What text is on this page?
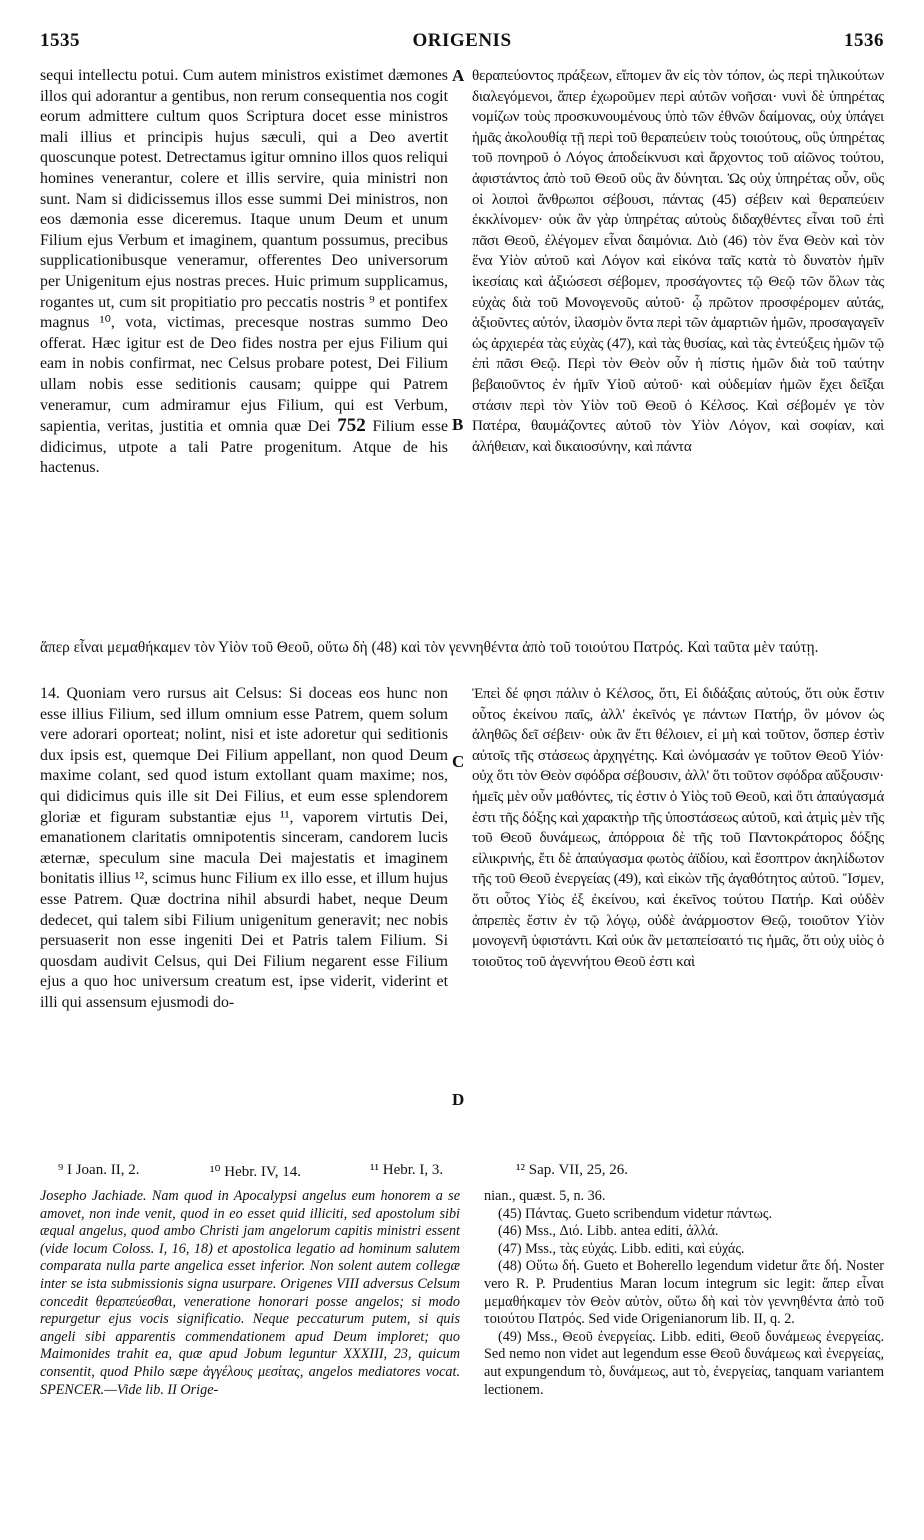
1535	ORIGENIS	1536

sequi intellectu potui. Cum autem ministros existimet dæmones illos qui adorantur a gentibus, non rerum consequentia nos cogit eorum admittere cultum quos Scriptura docet esse ministros mali illius et principis hujus sæculi, qui a Deo avertit quoscunque potest. Detrectamus igitur omnino illos quos reliqui homines venerantur, colere et illis servire, quia ministri non sunt. Nam si didicissemus illos esse summi Dei ministros, non eos dæmonia esse diceremus. Itaque unum Deum et unum Filium ejus Verbum et imaginem, quantum possumus, precibus supplicationibusque veneramur, offerentes Deo universorum per Unigenitum ejus nostras preces. Huic primum supplicamus, rogantes ut, cum sit propitiatio pro peccatis nostris ⁹ et pontifex magnus ¹⁰, vota, victimas, precesque nostras summo Deo offerat. Hæc igitur est de Deo fides nostra per ejus Filium qui eam in nobis confirmat, nec Celsus probare potest, Dei Filium ullam nobis esse seditionis causam; quippe qui Patrem veneramur, cum admiramur ejus Filium, qui est Verbum, sapientia, veritas, justitia et omnia quæ Dei 752 Filium esse didicimus, utpote a tali Patre progenitum. Atque de his hactenus.

θεραπεύοντος πράξεων, εἴπομεν ἂν εἰς τὸν τόπον, ὡς περὶ τηλικούτων διαλεγόμενοι, ἅπερ ἐχωροῦμεν περὶ αὐτῶν νοῆσαι· νυνὶ δὲ ὑπηρέτας νομίζων τοὺς προσκυνουμένους ὑπὸ τῶν ἐθνῶν δαίμονας, οὐχ ὑπάγει ἡμᾶς ἀκολουθίᾳ τῇ περὶ τοῦ θεραπεύειν τοὺς τοιούτους, οὓς ὑπηρέτας τοῦ πονηροῦ ὁ Λόγος ἀποδείκνυσι καὶ ἄρχοντος τοῦ αἰῶνος τούτου, ἀφιστάντος ἀπὸ τοῦ Θεοῦ οὓς ἂν δύνηται. Ὡς οὐχ ὑπηρέτας οὖν, οὓς οἱ λοιποὶ ἄνθρωποι σέβουσι, πάντας (45) σέβειν καὶ θεραπεύειν ἐκκλίνομεν· οὐκ ἂν γὰρ ὑπηρέτας αὐτοὺς διδαχθέντες εἶναι τοῦ ἐπὶ πᾶσι Θεοῦ, ἐλέγομεν εἶναι δαιμόνια. Διὸ (46) τὸν ἕνα Θεὸν καὶ τὸν ἕνα Υἱὸν αὐτοῦ καὶ Λόγον καὶ εἰκόνα ταῖς κατὰ τὸ δυνατὸν ἡμῖν ἱκεσίαις καὶ ἀξιώσεσι σέβομεν, προσάγοντες τῷ Θεῷ τῶν ὅλων τὰς εὐχὰς διὰ τοῦ Μονογενοῦς αὐτοῦ· ᾧ πρῶτον προσφέρομεν αὐτάς, ἀξιοῦντες αὐτόν, ἱλασμὸν ὄντα περὶ τῶν ἁμαρτιῶν ἡμῶν, προσαγαγεῖν ὡς ἀρχιερέα τὰς εὐχὰς (47), καὶ τὰς θυσίας, καὶ τὰς ἐντεύξεις ἡμῶν τῷ ἐπὶ πᾶσι Θεῷ. Περὶ τὸν Θεὸν οὖν ἡ πίστις ἡμῶν διὰ τοῦ ταύτην βεβαιοῦντος ἐν ἡμῖν Υἱοῦ αὐτοῦ· καὶ οὐδεμίαν ἡμῶν ἔχει δεῖξαι στάσιν περὶ τὸν Υἱὸν τοῦ Θεοῦ ὁ Κέλσος. Καὶ σέβομέν γε τὸν Πατέρα, θαυμάζοντες αὐτοῦ τὸν Υἱὸν Λόγον, καὶ σοφίαν, καὶ ἀλήθειαν, καὶ δικαιοσύνην, καὶ πάντα

A
B
C
D
ἅπερ εἶναι μεμαθήκαμεν τὸν Υἱὸν τοῦ Θεοῦ, οὕτω δὴ (48) καὶ τὸν γεννηθέντα ἀπὸ τοῦ τοιούτου Πατρός. Καὶ ταῦτα μὲν ταύτῃ.

14. Quoniam vero rursus ait Celsus: Si doceas eos hunc non esse illius Filium, sed illum omnium esse Patrem, quem solum vere adorari oporteat; nolint, nisi et iste adoretur qui seditionis dux ipsis est, quemque Dei Filium appellant, non quod Deum maxime colant, sed quod istum extollant quam maxime; nos, qui didicimus quis ille sit Dei Filius, et eum esse splendorem gloriæ et figuram substantiæ ejus ¹¹, vaporem virtutis Dei, emanationem claritatis omnipotentis sinceram, candorem lucis æternæ, speculum sine macula Dei majestatis et imaginem bonitatis illius ¹², scimus hunc Filium ex illo esse, et illum hujus esse Patrem. Quæ doctrina nihil absurdi habet, neque Deum dedecet, qui talem sibi Filium unigenitum generavit; nec nobis persuaserit non esse ingeniti Dei et Patris talem Filium. Si quosdam audivit Celsus, qui Dei Filium negarent esse Filium ejus a quo hoc universum creatum est, ipse viderit, viderint et illi qui assensum ejusmodi do-

Ἐπεὶ δέ φησι πάλιν ὁ Κέλσος, ὅτι, Εἰ διδάξαις αὐτούς, ὅτι οὐκ ἔστιν οὗτος ἐκείνου παῖς, ἀλλ' ἐκεῖνός γε πάντων Πατήρ, ὃν μόνον ὡς ἀληθῶς δεῖ σέβειν· οὐκ ἂν ἔτι θέλοιεν, εἰ μὴ καὶ τοῦτον, ὅσπερ ἐστὶν αὐτοῖς τῆς στάσεως ἀρχηγέτης. Καὶ ὠνόμασάν γε τοῦτον Θεοῦ Υἱόν· οὐχ ὅτι τὸν Θεὸν σφόδρα σέβουσιν, ἀλλ' ὅτι τοῦτον σφόδρα αὔξουσιν· ἡμεῖς μὲν οὖν μαθόντες, τίς ἐστιν ὁ Υἱὸς τοῦ Θεοῦ, καὶ ὅτι ἀπαύγασμά ἐστι τῆς δόξης καὶ χαρακτὴρ τῆς ὑποστάσεως αὐτοῦ, καὶ ἀτμὶς μὲν τῆς τοῦ Θεοῦ δυνάμεως, ἀπόρροια δὲ τῆς τοῦ Παντοκράτορος δόξης εἰλικρινής, ἔτι δὲ ἀπαύγασμα φωτὸς ἀϊδίου, καὶ ἔσοπτρον ἀκηλίδωτον τῆς τοῦ Θεοῦ ἐνεργείας (49), καὶ εἰκὼν τῆς ἀγαθότητος αὐτοῦ. Ἴσμεν, ὅτι οὗτος Υἱὸς ἐξ ἐκείνου, καὶ ἐκεῖνος τούτου Πατήρ. Καὶ οὐδὲν ἀπρεπὲς ἔστιν ἐν τῷ λόγῳ, οὐδὲ ἀνάρμοστον Θεῷ, τοιοῦτον Υἱὸν μονογενῆ ὑφιστάντι. Καὶ οὐκ ἂν μεταπείσαιτό τις ἡμᾶς, ὅτι οὐχ υἱὸς ὁ τοιοῦτος τοῦ ἀγεννήτου Θεοῦ ἐστι καὶ

⁹ I Joan. II, 2.	¹⁰ Hebr. IV, 14.	¹¹ Hebr. I, 3.	¹² Sap. VII, 25, 26.

Josepho Jachiade. Nam quod in Apocalypsi angelus eum honorem a se amovet, non inde venit, quod in eo esset quid illiciti, sed apostolum sibi æqual angelus, quod ambo Christi jam angelorum capitis ministri essent (vide locum Coloss. I, 16, 18) et apostolica legatio ad hominum salutem comparata nulla parte angelica esset inferior. Non solent autem collegæ inter se ista submissionis signa usurpare. Origenes VIII adversus Celsum concedit θεραπεύεσθαι, veneratione honorari posse angelos; si modo repurgetur ejus vocis significatio. Neque peccaturum putem, si quis angeli sibi apparentis commendationem apud Deum imploret; quo Maimonides trahit ea, quæ apud Jobum leguntur XXXIII, 23, quicum consentit, quod Philo sæpe ἀγγέλους μεσίτας, angelos mediatores vocat. SPENCER.—Vide lib. II Orige-

nian., quæst. 5, n. 36.

(45) Πάντας. Gueto scribendum videtur πάντως.

(46) Mss., Διό. Libb. antea editi, ἀλλά.

(47) Mss., τὰς εὐχάς. Libb. editi, καὶ εὐχάς.

(48) Οὕτω δή. Gueto et Boherello legendum videtur ἅτε δή. Noster vero R. P. Prudentius Maran locum integrum sic legit: ἅπερ εἶναι μεμαθήκαμεν τὸν Θεὸν αὐτὸν, οὕτω δὴ καὶ τὸν γεννηθέντα ἀπὸ τοῦ τοιούτου Πατρός. Sed vide Origenianorum lib. II, q. 2.

(49) Mss., Θεοῦ ἐνεργείας. Libb. editi, Θεοῦ δυνάμεως ἐνεργείας. Sed nemo non videt aut legendum esse Θεοῦ δυνάμεως καὶ ἐνεργείας, aut expungendum τὸ, δυνάμεως, aut τὸ, ἐνεργείας, tanquam variantem lectionem.
